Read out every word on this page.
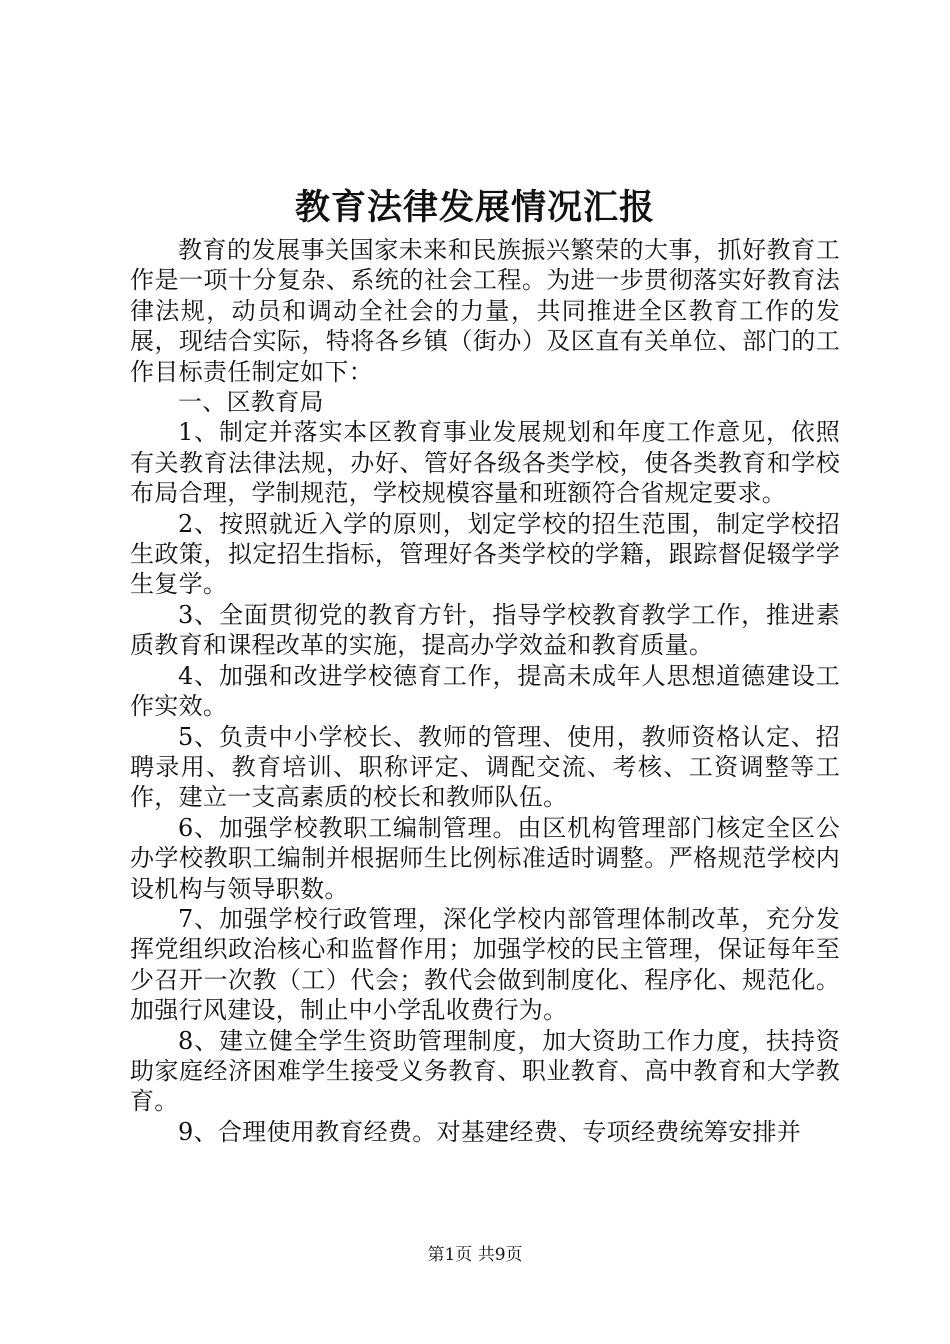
教育法律发展情况汇报

教育的发展事关国家未来和民族振兴繁荣的大事，抓好教育工作是一项十分复杂、系统的社会工程。为进一步贯彻落实好教育法律法规，动员和调动全社会的力量，共同推进全区教育工作的发展，现结合实际，特将各乡镇（街办）及区直有关单位、部门的工作目标责任制定如下：

一、区教育局

1、制定并落实本区教育事业发展规划和年度工作意见，依照有关教育法律法规，办好、管好各级各类学校，使各类教育和学校布局合理，学制规范，学校规模容量和班额符合省规定要求。

2、按照就近入学的原则，划定学校的招生范围，制定学校招生政策，拟定招生指标，管理好各类学校的学籍，跟踪督促辍学学生复学。

3、全面贯彻党的教育方针，指导学校教育教学工作，推进素质教育和课程改革的实施，提高办学效益和教育质量。

4、加强和改进学校德育工作，提高未成年人思想道德建设工作实效。

5、负责中小学校长、教师的管理、使用，教师资格认定、招聘录用、教育培训、职称评定、调配交流、考核、工资调整等工作，建立一支高素质的校长和教师队伍。

6、加强学校教职工编制管理。由区机构管理部门核定全区公办学校教职工编制并根据师生比例标准适时调整。严格规范学校内设机构与领导职数。

7、加强学校行政管理，深化学校内部管理体制改革，充分发挥党组织政治核心和监督作用；加强学校的民主管理，保证每年至少召开一次教（工）代会；教代会做到制度化、程序化、规范化。加强行风建设，制止中小学乱收费行为。

8、建立健全学生资助管理制度，加大资助工作力度，扶持资助家庭经济困难学生接受义务教育、职业教育、高中教育和大学教育。

9、合理使用教育经费。对基建经费、专项经费统筹安排并

第1页 共9页
